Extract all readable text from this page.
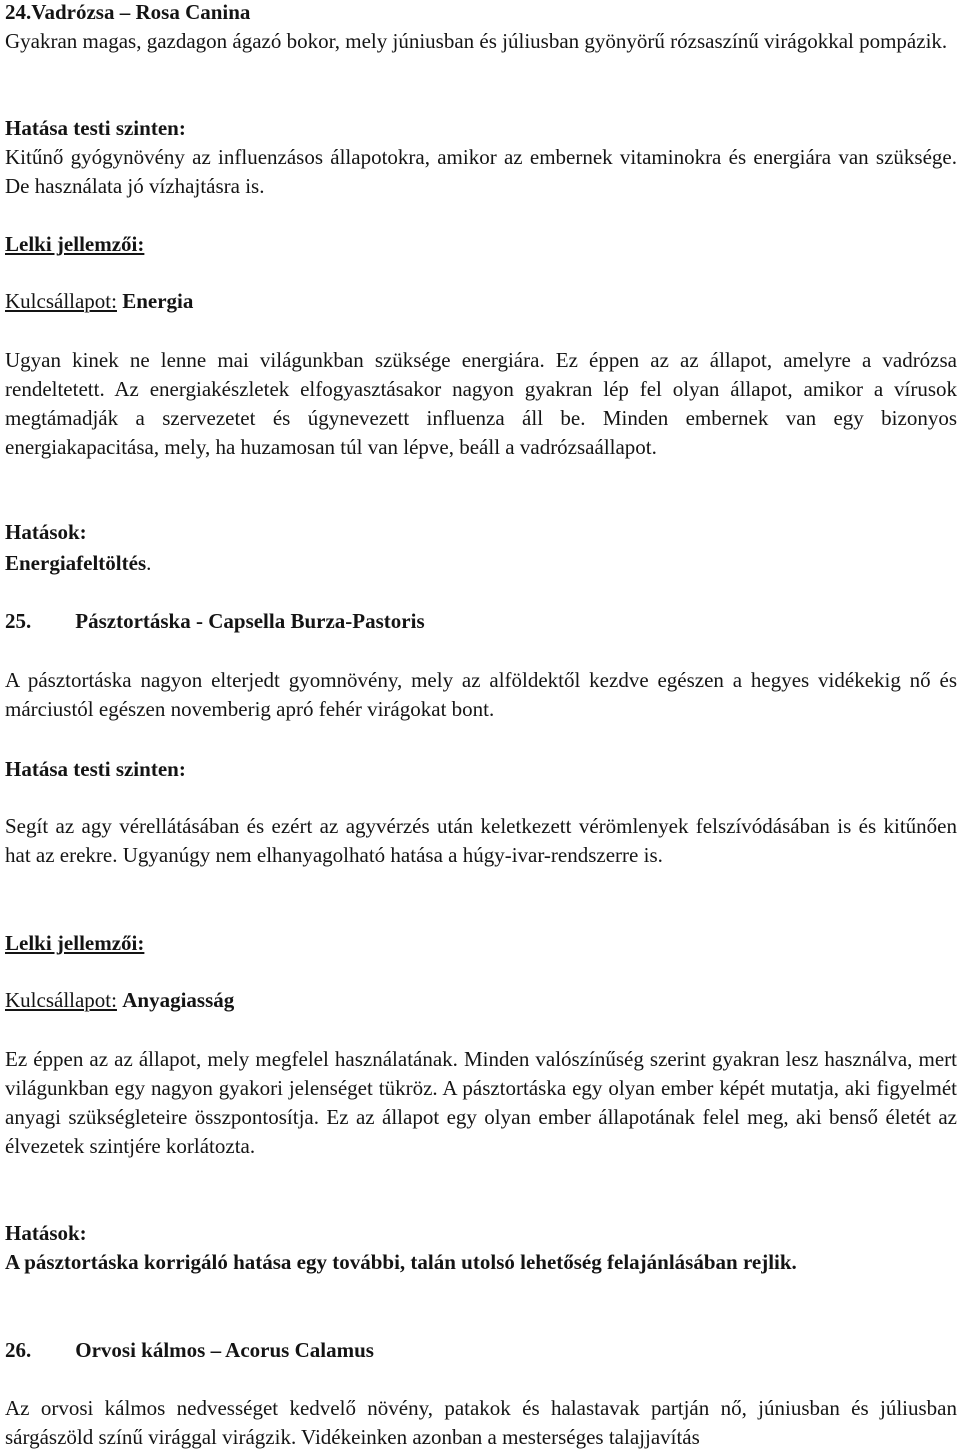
24.Vadrózsa – Rosa Canina

Gyakran magas, gazdagon ágazó bokor, mely júniusban és júliusban gyönyörű rózsaszínű virágokkal pompázik.

Hatása testi szinten:

Kitűnő gyógynövény az influenzásos állapotokra, amikor az embernek vitaminokra és energiára van szüksége. De használata jó vízhajtásra is.

Lelki jellemzői:
Kulcsállapot: Energia

Ugyan kinek ne lenne mai világunkban szüksége energiára. Ez éppen az az állapot, amelyre a vadrózsa rendeltetett. Az energiakészletek elfogyasztásakor nagyon gyakran lép fel olyan állapot, amikor a vírusok megtámadják a szervezetet és úgynevezett influenza áll be. Minden embernek van egy bizonyos energiakapacitása, mely, ha huzamosan túl van lépve, beáll a vadrózsaállapot.

Hatások:
Energiafeltöltés.
25. Pásztortáska - Capsella Burza-Pastoris

A pásztortáska nagyon elterjedt gyomnövény, mely az alföldektől kezdve egészen a hegyes vidékekig nő és márciustól egészen novemberig apró fehér virágokat bont.

Hatása testi szinten:

Segít az agy vérellátásában és ezért az agyvérzés után keletkezett vérömlenyek felszívódásában is és kitűnően hat az erekre. Ugyanúgy nem elhanyagolható hatása a húgy-ivar-rendszerre is.

Lelki jellemzői:
Kulcsállapot: Anyagiasság

Ez éppen az az állapot, mely megfelel használatának. Minden valószínűség szerint gyakran lesz használva, mert világunkban egy nagyon gyakori jelenséget tükröz. A pásztortáska egy olyan ember képét mutatja, aki figyelmét anyagi szükségleteire összpontosítja. Ez az állapot egy olyan ember állapotának felel meg, aki benső életét az élvezetek szintjére korlátozta.

Hatások:
A pásztortáska korrigáló hatása egy további, talán utolsó lehetőség felajánlásában rejlik.
26. Orvosi kálmos – Acorus Calamus

Az orvosi kálmos nedvességet kedvelő növény, patakok és halastavak partján nő, júniusban és júliusban sárgászöld színű virággal virágzik. Vidékeinken azonban a mesterséges talajjavítás
